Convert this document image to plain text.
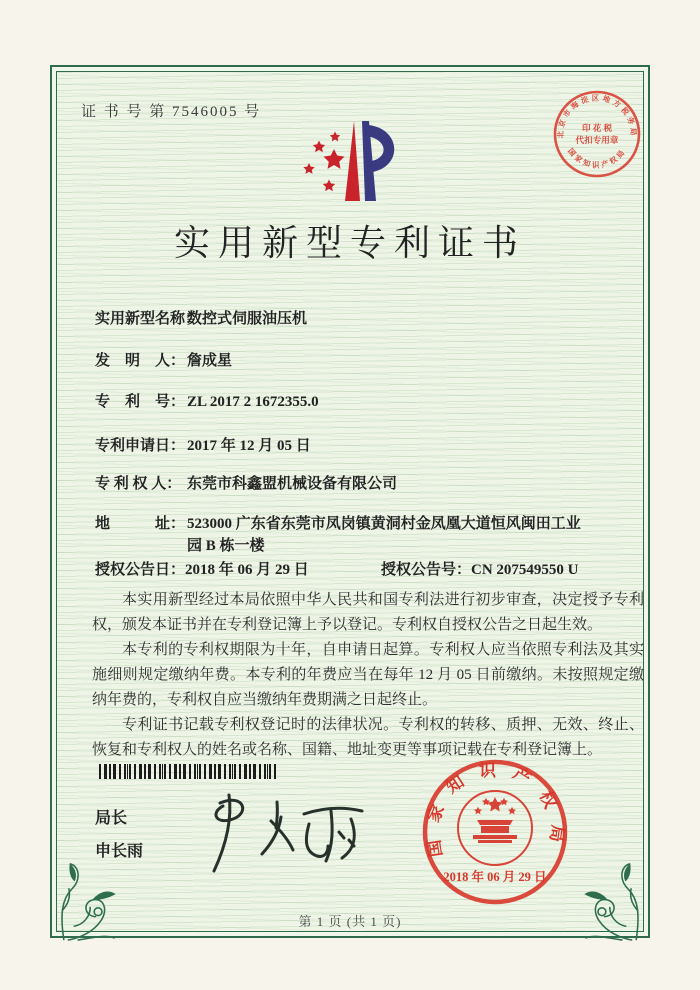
证 书 号 第 7546005 号
实用新型专利证书
实用新型名称：
数控式伺服油压机
发　明　人： 詹成星
专　利　号： ZL 2017 2 1672355.0
专利申请日： 2017 年 12 月 05 日
专 利 权 人： 东莞市科鑫盟机械设备有限公司
地　　　址： 523000 广东省东莞市凤岗镇黄洞村金凤凰大道恒风闽田工业园 B 栋一楼
授权公告日：2018 年 06 月 29 日	授权公告号：CN 207549550 U

本实用新型经过本局依照中华人民共和国专利法进行初步审查，决定授予专利权，颁发本证书并在专利登记簿上予以登记。专利权自授权公告之日起生效。

本专利的专利权期限为十年，自申请日起算。专利权人应当依照专利法及其实施细则规定缴纳年费。本专利的年费应当在每年 12 月 05 日前缴纳。未按照规定缴纳年费的，专利权自应当缴纳年费期满之日起终止。

专利证书记载专利权登记时的法律状况。专利权的转移、质押、无效、终止、恢复和专利权人的姓名或名称、国籍、地址变更等事项记载在专利登记簿上。

局长
申长雨	国家知识产权局
2018 年 06 月 29 日
第 1 页 (共 1 页)
北京市海淀区地方税务局
国家知识产权局
印 花 税
代扣专用章
